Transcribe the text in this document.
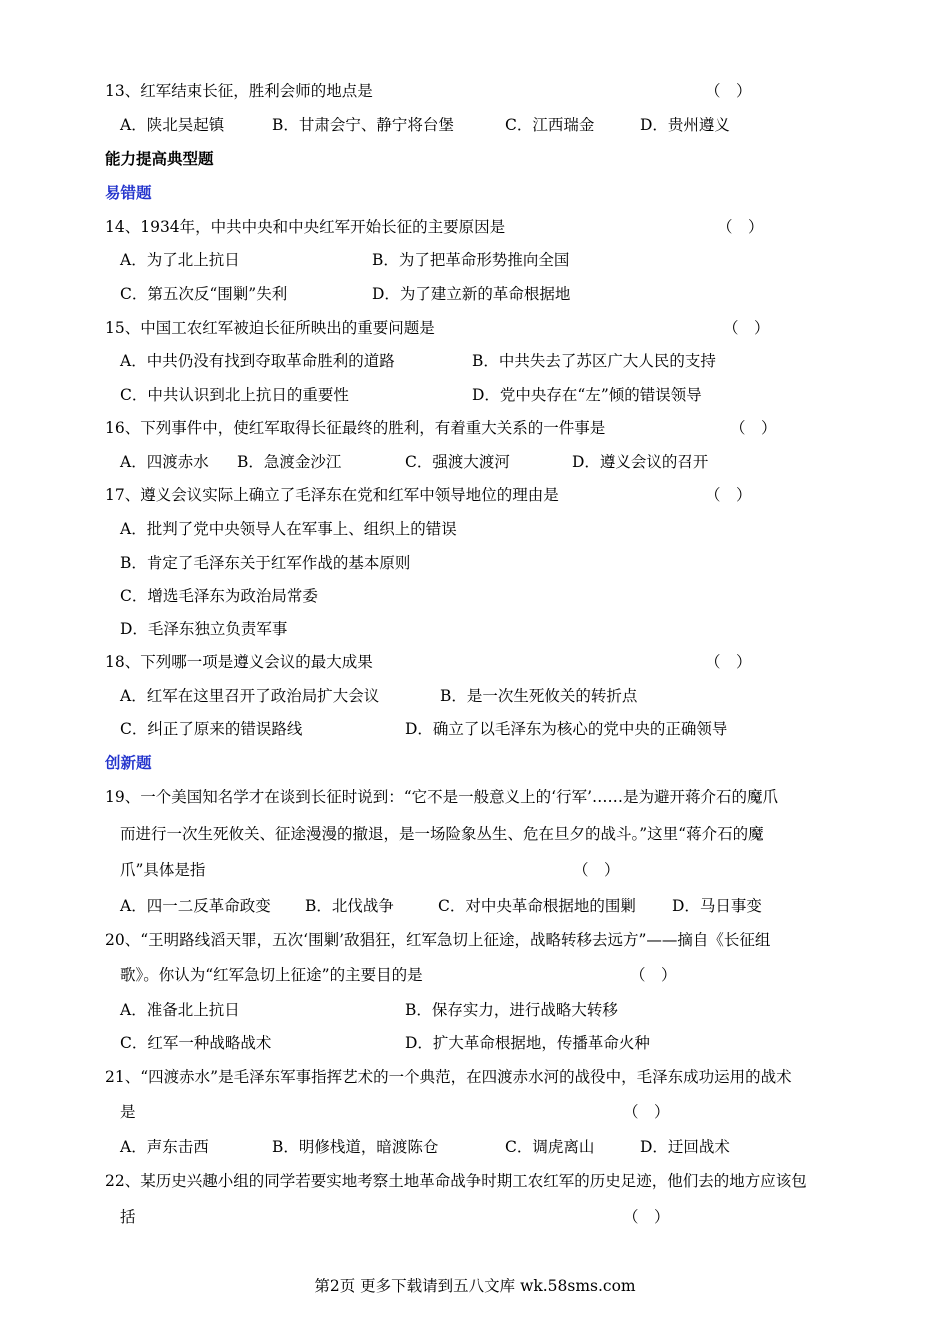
13、红军结束长征，胜利会师的地点是	（　）
A．陕北吴起镇	B．甘肃会宁、静宁将台堡	C．江西瑞金	D．贵州遵义
能力提高典型题
易错题
14、1934年，中共中央和中央红军开始长征的主要原因是	（　）
A．为了北上抗日	B．为了把革命形势推向全国
C．第五次反“围剿”失利	D．为了建立新的革命根据地
15、中国工农红军被迫长征所映出的重要问题是	（　）
A．中共仍没有找到夺取革命胜利的道路	B．中共失去了苏区广大人民的支持
C．中共认识到北上抗日的重要性	D．党中央存在“左”倾的错误领导
16、下列事件中，使红军取得长征最终的胜利，有着重大关系的一件事是	（　）
A．四渡赤水 B．急渡金沙江	C．强渡大渡河	D．遵义会议的召开
17、遵义会议实际上确立了毛泽东在党和红军中领导地位的理由是	（　）
A．批判了党中央领导人在军事上、组织上的错误
B．肯定了毛泽东关于红军作战的基本原则
C．增选毛泽东为政治局常委
D．毛泽东独立负责军事
18、下列哪一项是遵义会议的最大成果	（　）
A．红军在这里召开了政治局扩大会议	B．是一次生死攸关的转折点
C．纠正了原来的错误路线	D．确立了以毛泽东为核心的党中央的正确领导
创新题
19、一个美国知名学才在谈到长征时说到：“它不是一般意义上的‘行军’……是为避开蒋介石的魔爪
而进行一次生死攸关、征途漫漫的撤退，是一场险象丛生、危在旦夕的战斗。”这里“蒋介石的魔
爪”具体是指	（　）
A．四一二反革命政变 B．北伐战争	C．对中央革命根据地的围剿 D．马日事变
20、“王明路线滔天罪，五次‘围剿’敌猖狂，红军急切上征途，战略转移去远方”——摘自《长征组
歌》。你认为“红军急切上征途”的主要目的是	（　）
A．准备北上抗日	B．保存实力，进行战略大转移
C．红军一种战略战术	D．扩大革命根据地，传播革命火种
21、“四渡赤水”是毛泽东军事指挥艺术的一个典范，在四渡赤水河的战役中，毛泽东成功运用的战术
是	（　）
A．声东击西	B．明修栈道，暗渡陈仓	C．调虎离山	D．迂回战术
22、某历史兴趣小组的同学若要实地考察土地革命战争时期工农红军的历史足迹，他们去的地方应该包
括	（　）
第2页 更多下载请到五八文库 wk.58sms.com
